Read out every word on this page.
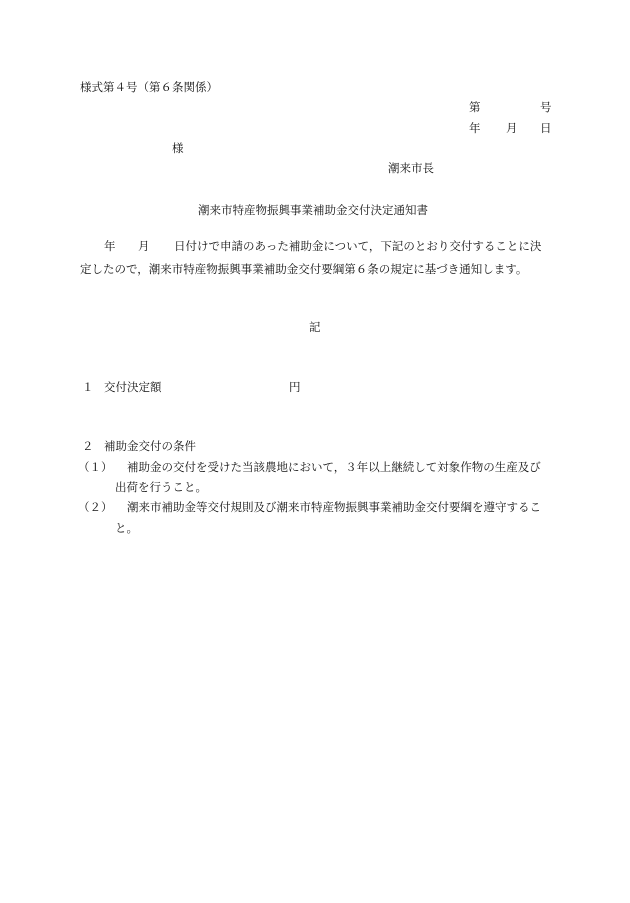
様式第４号（第６条関係）
第	号
年 月 日
様
潮来市長
潮来市特産物振興事業補助金交付決定通知書
年 月 日付けで申請のあった補助金について，下記のとおり交付することに決
定したので，潮来市特産物振興事業補助金交付要綱第６条の規定に基づき通知します。
記
１ 交付決定額	円
２ 補助金交付の条件
（１） 補助金の交付を受けた当該農地において，３年以上継続して対象作物の生産及び
出荷を行うこと。
（２） 潮来市補助金等交付規則及び潮来市特産物振興事業補助金交付要綱を遵守するこ
と。
